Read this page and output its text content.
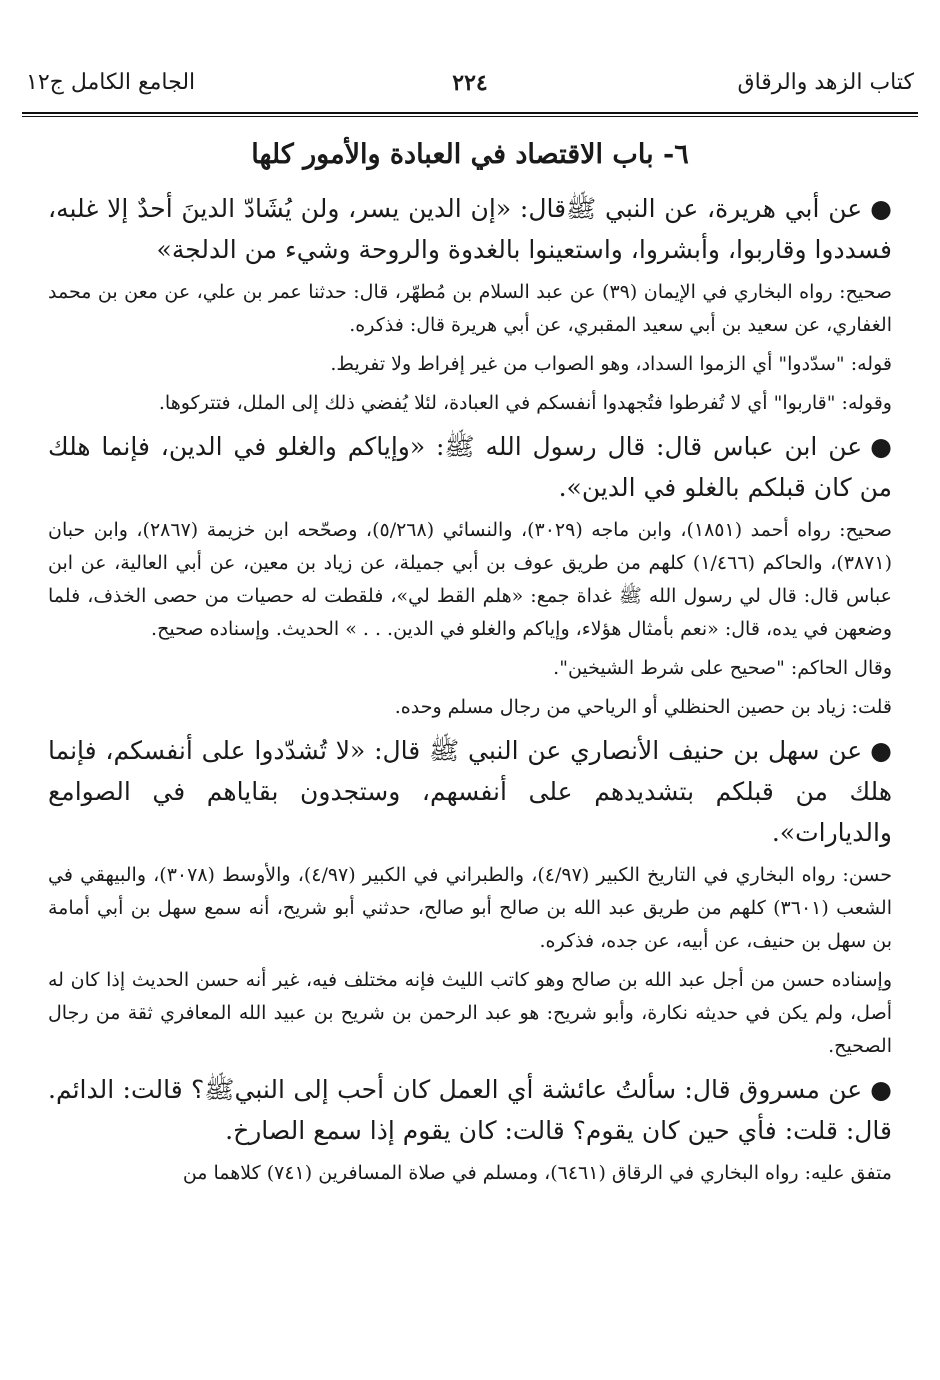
كتاب الزهد والرقاق
٢٢٤
الجامع الكامل ج١٢
٦- باب الاقتصاد في العبادة والأمور كلها

●عن أبي هريرة، عن النبي ﷺقال: «إن الدين يسر، ولن يُشَادّ الدينَ أحدٌ إلا غلبه، فسددوا وقاربوا، وأبشروا، واستعينوا بالغدوة والروحة وشيء من الدلجة»

صحيح: رواه البخاري في الإيمان (٣٩) عن عبد السلام بن مُطهّر، قال: حدثنا عمر بن علي، عن معن بن محمد الغفاري، عن سعيد بن أبي سعيد المقبري، عن أبي هريرة قال: فذكره.

قوله: "سدّدوا" أي الزموا السداد، وهو الصواب من غير إفراط ولا تفريط.

وقوله: "قاربوا" أي لا تُفرطوا فتُجهدوا أنفسكم في العبادة، لئلا يُفضي ذلك إلى الملل، فتتركوها.

●عن ابن عباس قال: قال رسول الله ﷺ: «وإياكم والغلو في الدين، فإنما هلك من كان قبلكم بالغلو في الدين».

صحيح: رواه أحمد (١٨٥١)، وابن ماجه (٣٠٢٩)، والنسائي (٥/٢٦٨)، وصحّحه ابن خزيمة (٢٨٦٧)، وابن حبان (٣٨٧١)، والحاكم (١/٤٦٦) كلهم من طريق عوف بن أبي جميلة، عن زياد بن معين، عن أبي العالية، عن ابن عباس قال: قال لي رسول الله ﷺ غداة جمع: «هلم القط لي»، فلقطت له حصيات من حصى الخذف، فلما وضعهن في يده، قال: «نعم بأمثال هؤلاء، وإياكم والغلو في الدين. . . » الحديث. وإسناده صحيح.

وقال الحاكم: "صحيح على شرط الشيخين".

قلت: زياد بن حصين الحنظلي أو الرياحي من رجال مسلم وحده.

●عن سهل بن حنيف الأنصاري عن النبي ﷺ قال: «لا تُشدّدوا على أنفسكم، فإنما هلك من قبلكم بتشديدهم على أنفسهم، وستجدون بقاياهم في الصوامع والديارات».

حسن: رواه البخاري في التاريخ الكبير (٤/٩٧)، والطبراني في الكبير (٤/٩٧)، والأوسط (٣٠٧٨)، والبيهقي في الشعب (٣٦٠١) كلهم من طريق عبد الله بن صالح أبو صالح، حدثني أبو شريح، أنه سمع سهل بن أبي أمامة بن سهل بن حنيف، عن أبيه، عن جده، فذكره.

وإسناده حسن من أجل عبد الله بن صالح وهو كاتب الليث فإنه مختلف فيه، غير أنه حسن الحديث إذا كان له أصل، ولم يكن في حديثه نكارة، وأبو شريح: هو عبد الرحمن بن شريح بن عبيد الله المعافري ثقة من رجال الصحيح.

●عن مسروق قال: سألتُ عائشة أي العمل كان أحب إلى النبيﷺ؟ قالت: الدائم. قال: قلت: فأي حين كان يقوم؟ قالت: كان يقوم إذا سمع الصارخ.

متفق عليه: رواه البخاري في الرقاق (٦٤٦١)، ومسلم في صلاة المسافرين (٧٤١) كلاهما من
